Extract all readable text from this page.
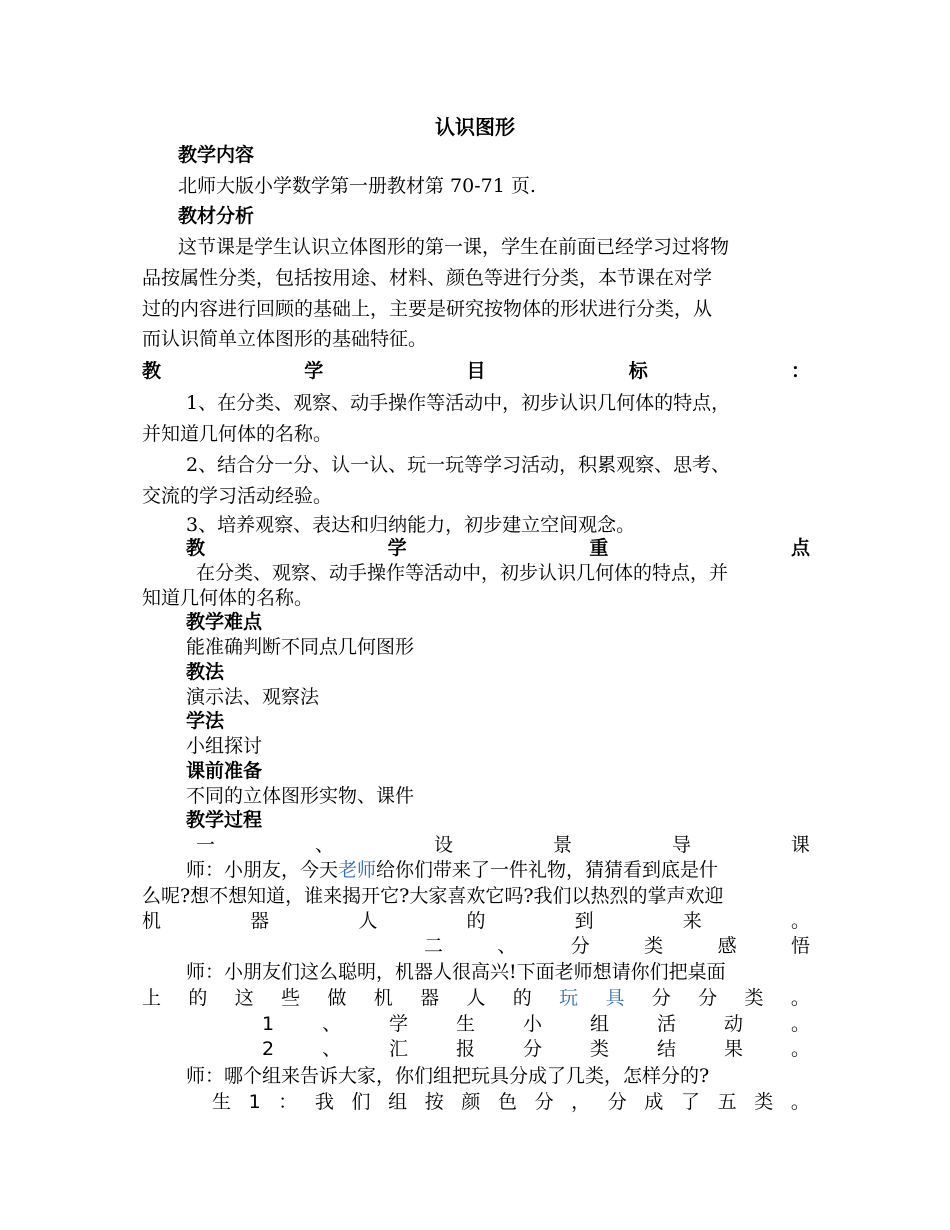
认识图形
教学内容
北师大版小学数学第一册教材第 70-71 页.
教材分析
这节课是学生认识立体图形的第一课，学生在前面已经学习过将物
品按属性分类，包括按用途、材料、颜色等进行分类，本节课在对学
过的内容进行回顾的基础上，主要是研究按物体的形状进行分类，从
而认识简单立体图形的基础特征。
教	学	目	标	：
1、在分类、观察、动手操作等活动中，初步认识几何体的特点，
并知道几何体的名称。
2、结合分一分、认一认、玩一玩等学习活动，积累观察、思考、
交流的学习活动经验。
3、培养观察、表达和归纳能力，初步建立空间观念。
教	学	重	点
在分类、观察、动手操作等活动中，初步认识几何体的特点，并
知道几何体的名称。
教学难点
能准确判断不同点几何图形
教法
演示法、观察法
学法
小组探讨
课前准备
不同的立体图形实物、课件
教学过程
一	、	设	景	导	课
师：小朋友，今天老师给你们带来了一件礼物，猜猜看到底是什
么呢?想不想知道，谁来揭开它?大家喜欢它吗?我们以热烈的掌声欢迎
机	器	人	的	到	来	。
二	、	分	类	感	悟
师：小朋友们这么聪明，机器人很高兴!下面老师想请你们把桌面
上 的 这 些 做 机 器 人 的 玩 具 分 分 类 。
1	、	学	生	小	组	活	动	。
2	、	汇	报	分	类	结	果	。
师：哪个组来告诉大家，你们组把玩具分成了几类，怎样分的?
生 1 ： 我 们 组 按 颜 色 分 ， 分 成 了 五 类 。
